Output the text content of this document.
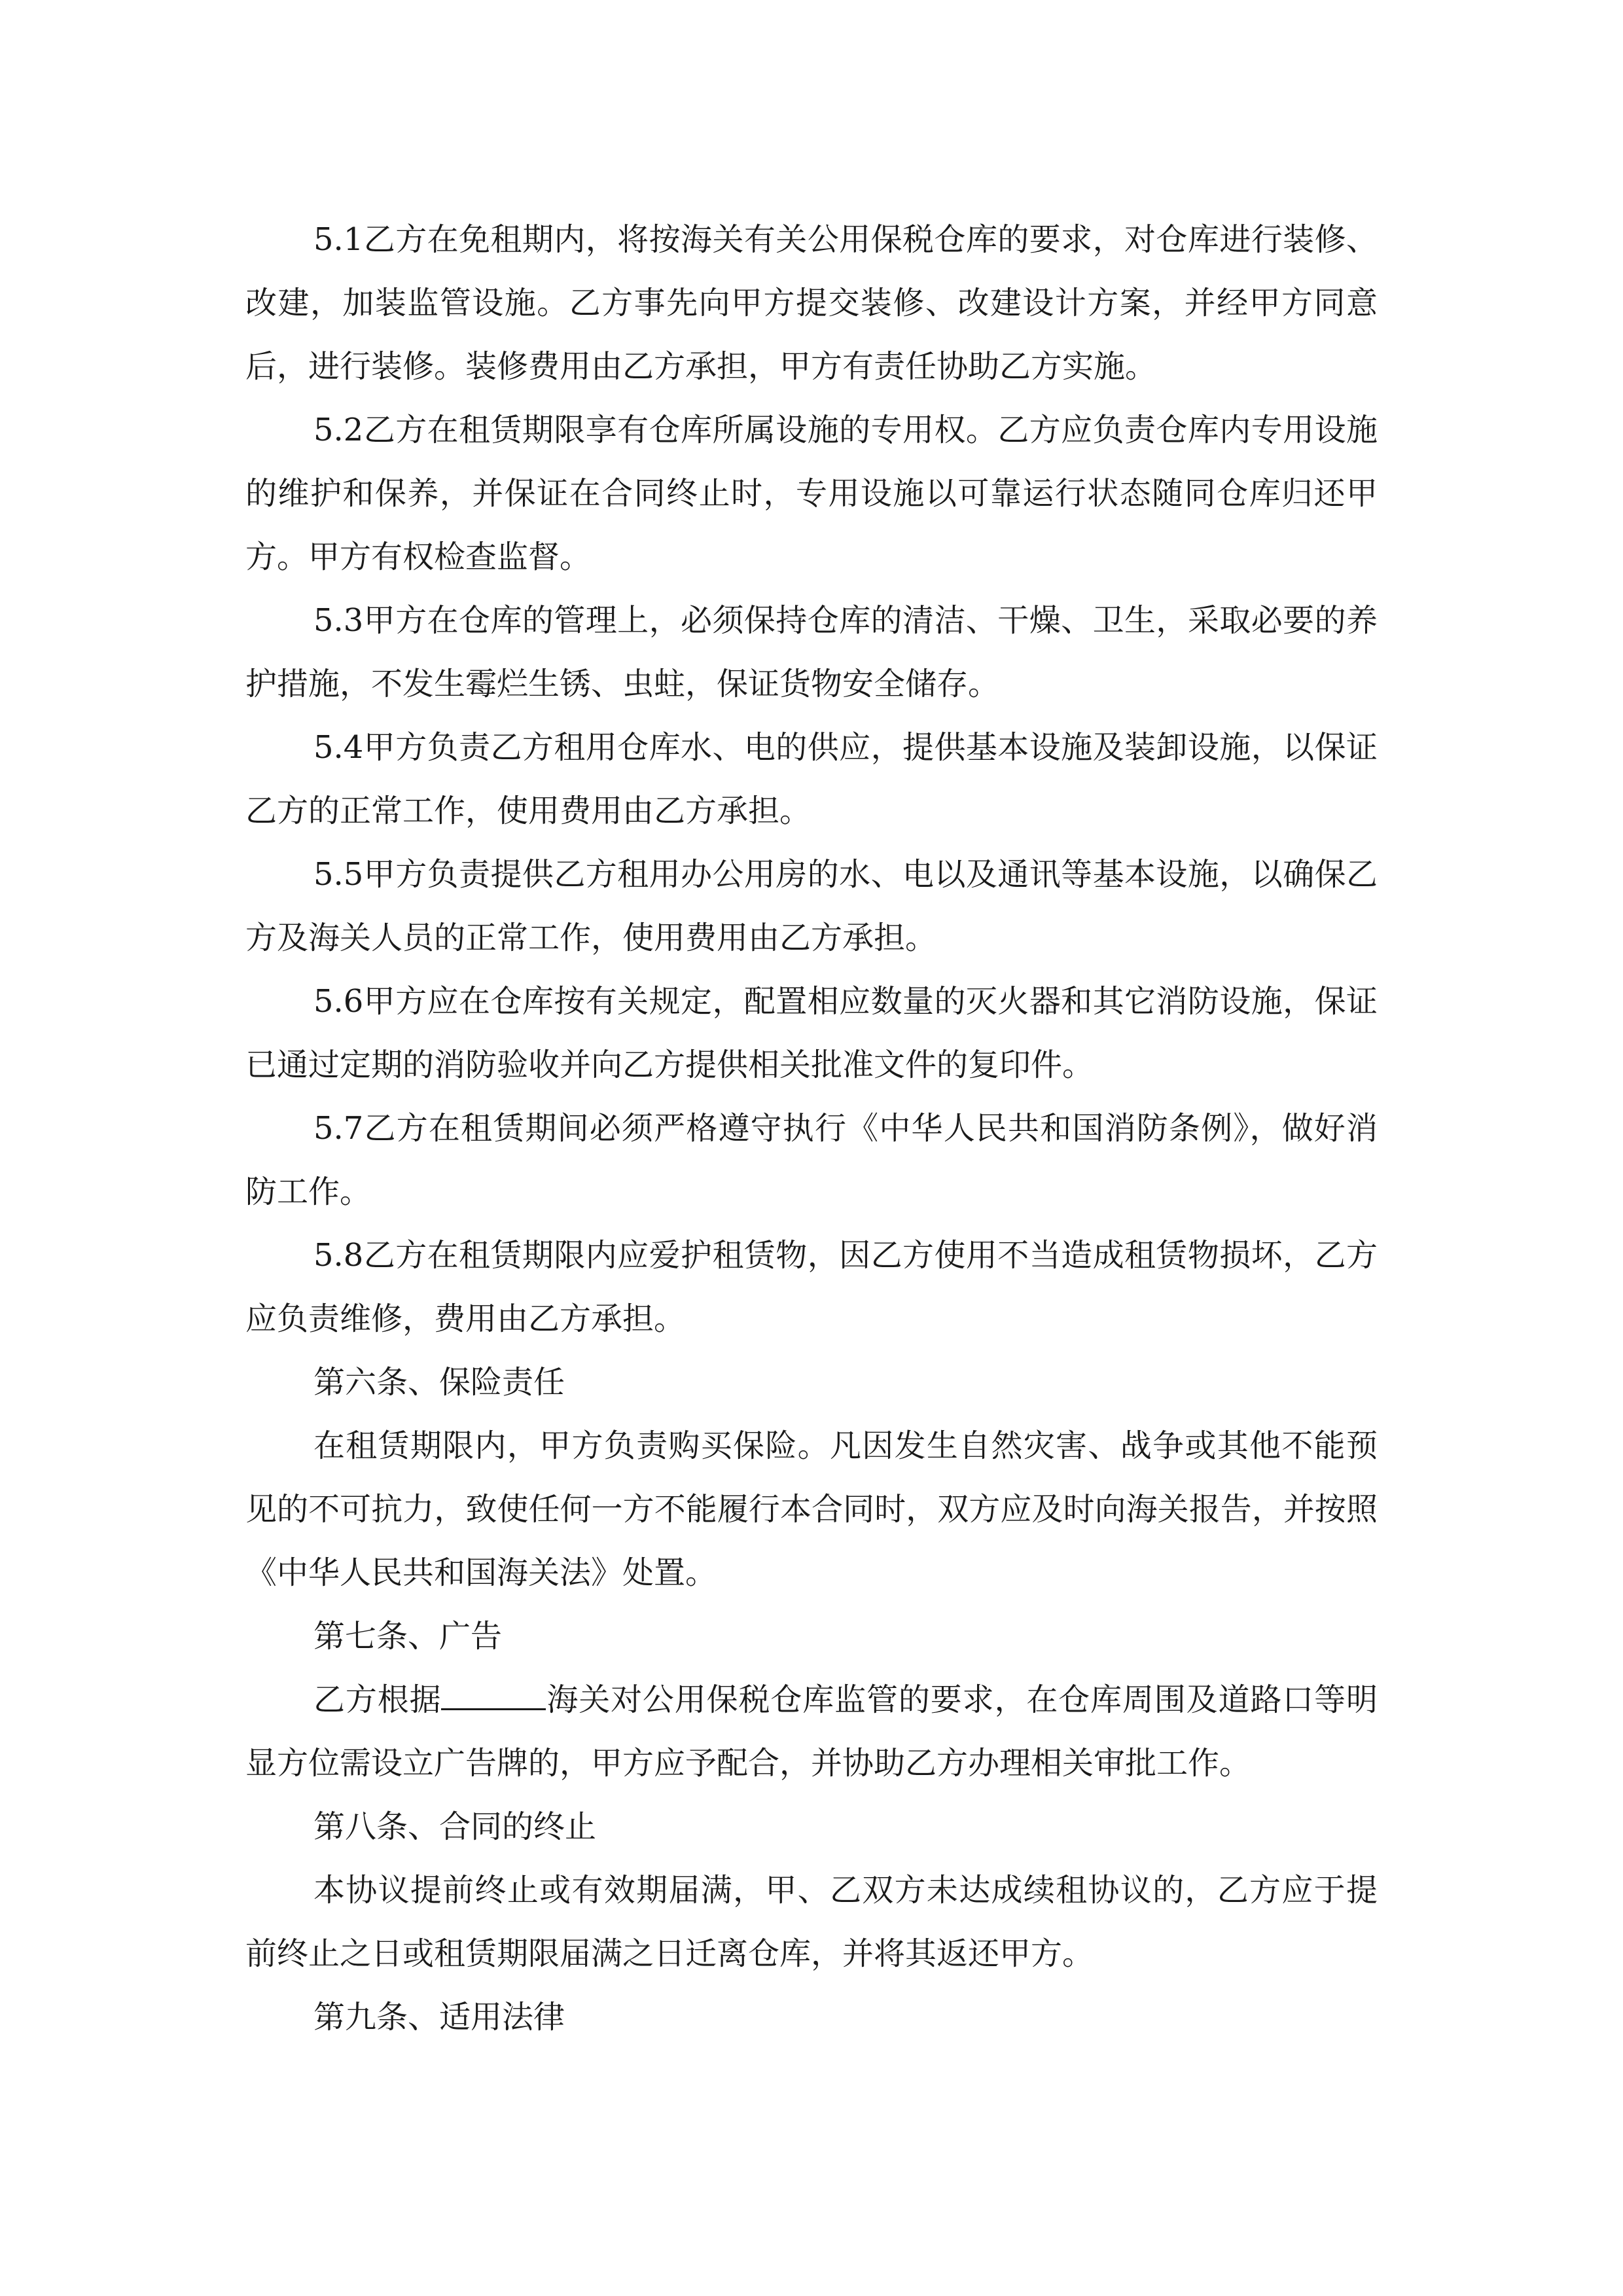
5.1乙方在免租期内，将按海关有关公用保税仓库的要求，对仓库进行装修、改建，加装监管设施。乙方事先向甲方提交装修、改建设计方案，并经甲方同意后，进行装修。装修费用由乙方承担，甲方有责任协助乙方实施。

5.2乙方在租赁期限享有仓库所属设施的专用权。乙方应负责仓库内专用设施的维护和保养，并保证在合同终止时，专用设施以可靠运行状态随同仓库归还甲方。甲方有权检查监督。

5.3甲方在仓库的管理上，必须保持仓库的清洁、干燥、卫生，采取必要的养护措施，不发生霉烂生锈、虫蛀，保证货物安全储存。

5.4甲方负责乙方租用仓库水、电的供应，提供基本设施及装卸设施，以保证乙方的正常工作，使用费用由乙方承担。

5.5甲方负责提供乙方租用办公用房的水、电以及通讯等基本设施，以确保乙方及海关人员的正常工作，使用费用由乙方承担。

5.6甲方应在仓库按有关规定，配置相应数量的灭火器和其它消防设施，保证已通过定期的消防验收并向乙方提供相关批准文件的复印件。

5.7乙方在租赁期间必须严格遵守执行《中华人民共和国消防条例》，做好消防工作。

5.8乙方在租赁期限内应爱护租赁物，因乙方使用不当造成租赁物损坏，乙方应负责维修，费用由乙方承担。

第六条、保险责任

在租赁期限内，甲方负责购买保险。凡因发生自然灾害、战争或其他不能预见的不可抗力，致使任何一方不能履行本合同时，双方应及时向海关报告，并按照《中华人民共和国海关法》处置。

第七条、广告

乙方根据	海关对公用保税仓库监管的要求，在仓库周围及道路口等明显方位需设立广告牌的，甲方应予配合，并协助乙方办理相关审批工作。

第八条、合同的终止

本协议提前终止或有效期届满，甲、乙双方未达成续租协议的，乙方应于提前终止之日或租赁期限届满之日迁离仓库，并将其返还甲方。

第九条、适用法律
